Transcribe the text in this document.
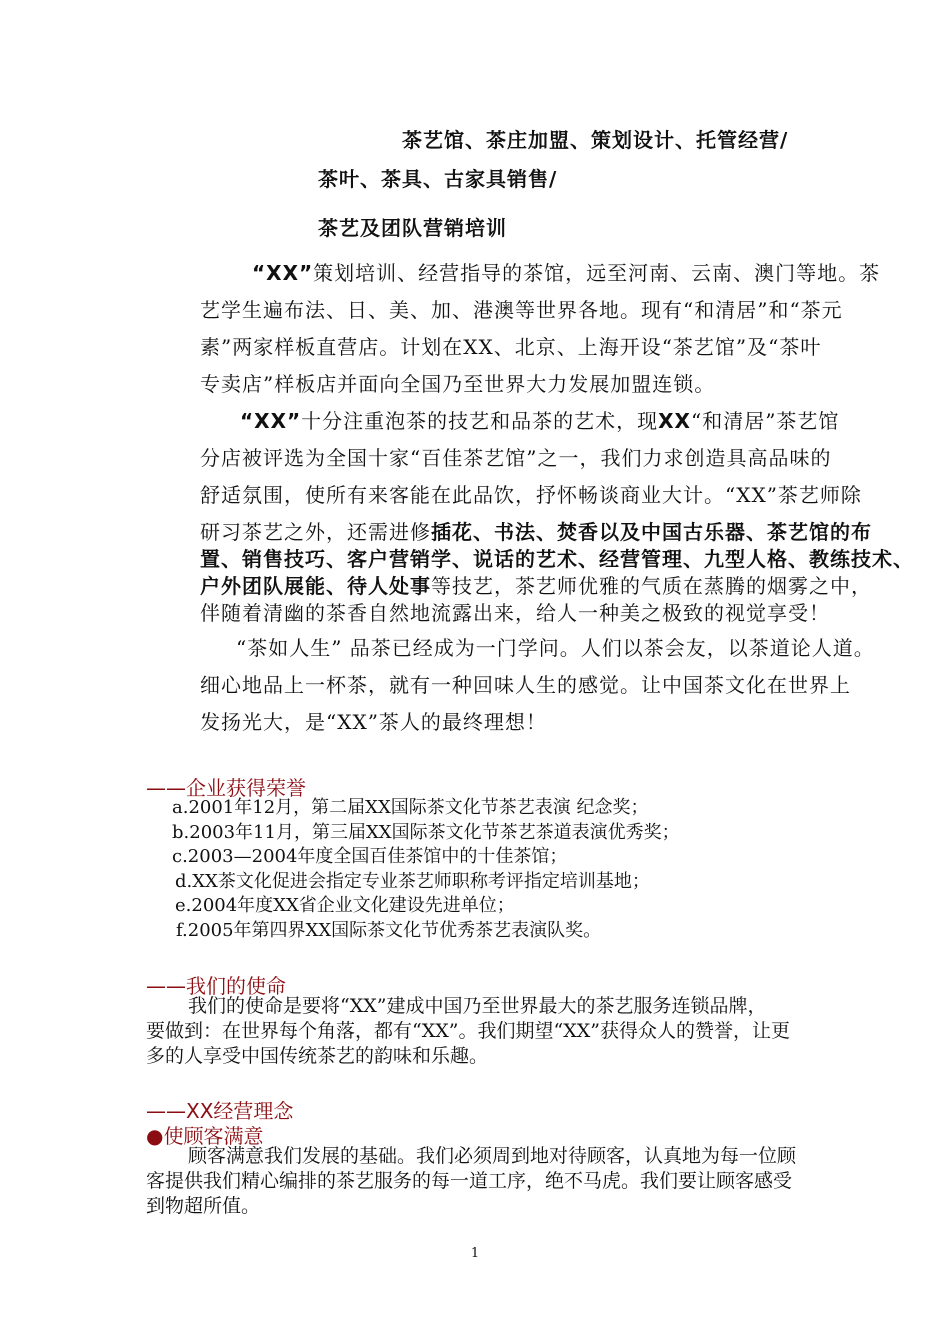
茶艺馆、茶庄加盟、策划设计、托管经营/
茶叶、茶具、古家具销售/
茶艺及团队营销培训
“XX”策划培训、经营指导的茶馆，远至河南、云南、澳门等地。茶
艺学生遍布法、日、美、加、港澳等世界各地。现有“和清居”和“茶元
素”两家样板直营店。计划在XX、北京、上海开设“茶艺馆”及“茶叶
专卖店”样板店并面向全国乃至世界大力发展加盟连锁。
“XX”十分注重泡茶的技艺和品茶的艺术，现XX“和清居”茶艺馆
分店被评选为全国十家“百佳茶艺馆”之一，我们力求创造具高品味的
舒适氛围，使所有来客能在此品饮，抒怀畅谈商业大计。“XX”茶艺师除
研习茶艺之外，还需进修插花、书法、焚香以及中国古乐器、茶艺馆的布
置、销售技巧、客户营销学、说话的艺术、经营管理、九型人格、教练技术、
户外团队展能、待人处事等技艺，茶艺师优雅的气质在蒸腾的烟雾之中，
伴随着清幽的茶香自然地流露出来，给人一种美之极致的视觉享受！
“茶如人生” 品茶已经成为一门学问。人们以茶会友，以茶道论人道。
细心地品上一杯茶，就有一种回味人生的感觉。让中国茶文化在世界上
发扬光大，是“XX”茶人的最终理想！
——企业获得荣誉
a.2001年12月，第二届XX国际茶文化节茶艺表演 纪念奖；
b.2003年11月，第三届XX国际茶文化节茶艺茶道表演优秀奖；
c.2003—2004年度全国百佳茶馆中的十佳茶馆；
d.XX茶文化促进会指定专业茶艺师职称考评指定培训基地；
e.2004年度XX省企业文化建设先进单位；
f.2005年第四界XX国际茶文化节优秀茶艺表演队奖。
——我们的使命
我们的使命是要将“XX”建成中国乃至世界最大的茶艺服务连锁品牌，
要做到：在世界每个角落，都有“XX”。我们期望“XX”获得众人的赞誉，让更
多的人享受中国传统茶艺的韵味和乐趣。
——XX经营理念
●使顾客满意
顾客满意我们发展的基础。我们必须周到地对待顾客，认真地为每一位顾
客提供我们精心编排的茶艺服务的每一道工序，绝不马虎。我们要让顾客感受
到物超所值。
1
